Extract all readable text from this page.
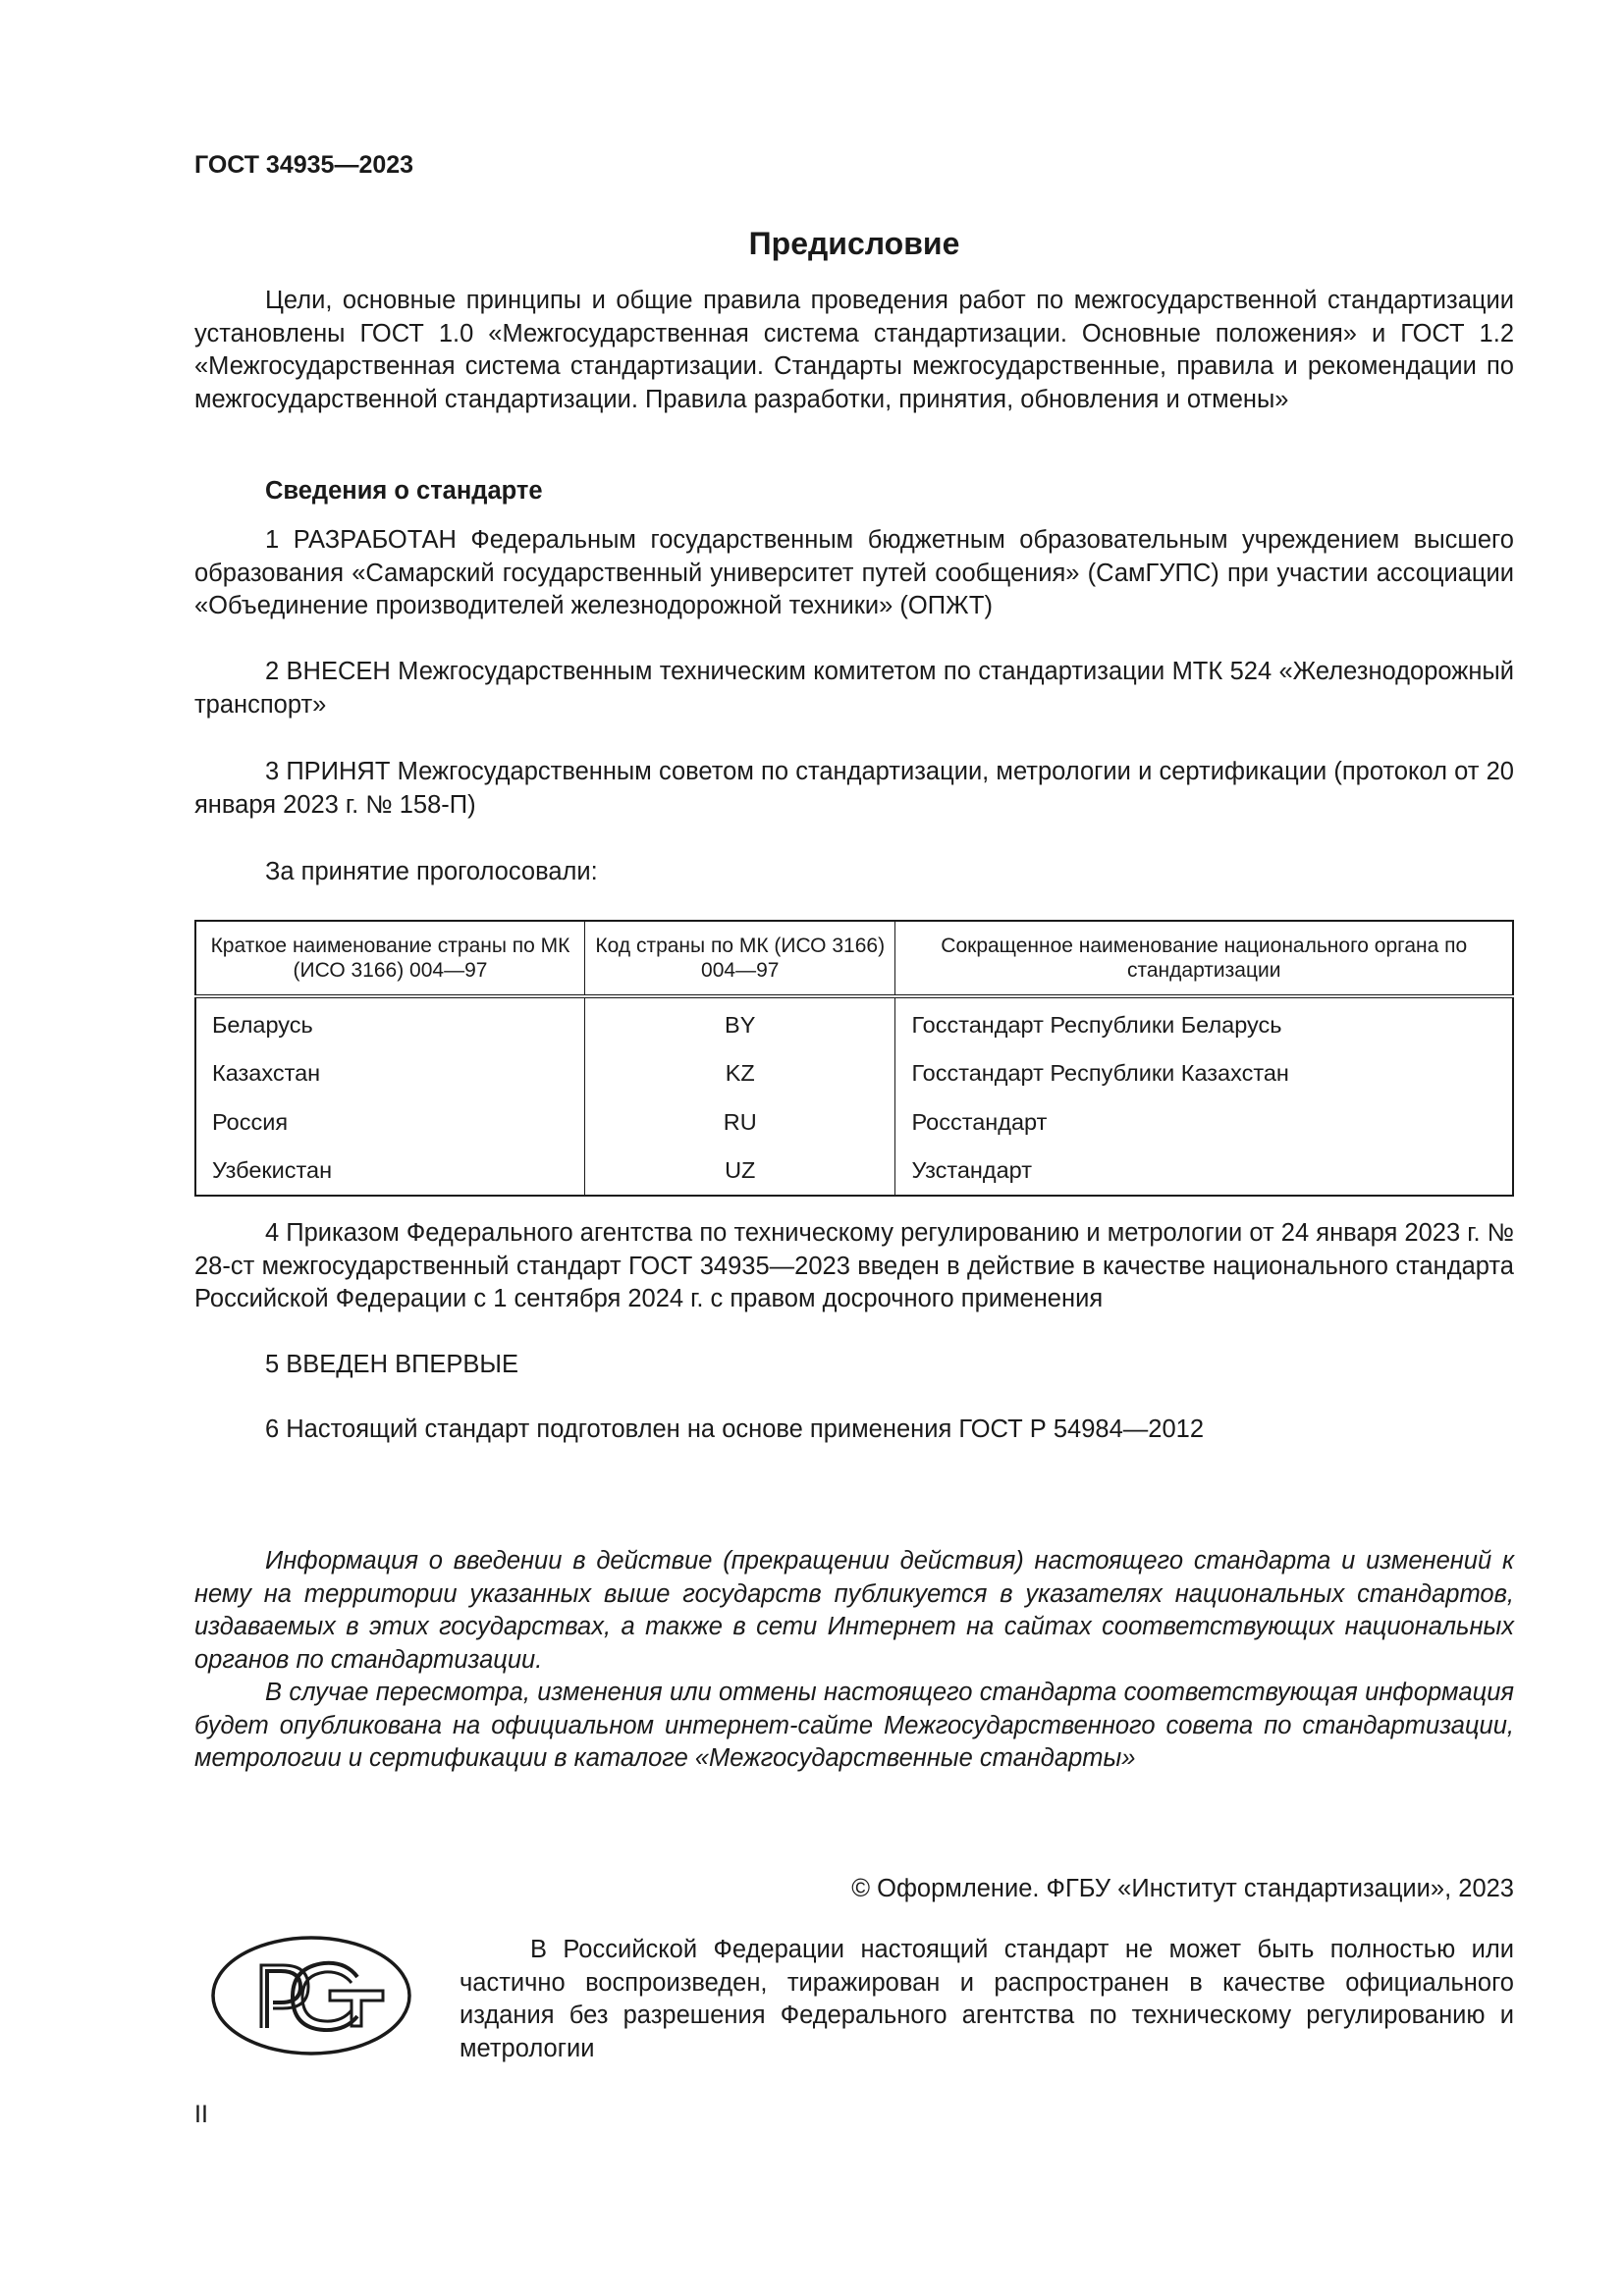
ГОСТ 34935—2023
Предисловие

Цели, основные принципы и общие правила проведения работ по межгосударственной стандартизации установлены ГОСТ 1.0 «Межгосударственная система стандартизации. Основные положения» и ГОСТ 1.2 «Межгосударственная система стандартизации. Стандарты межгосударственные, правила и рекомендации по межгосударственной стандартизации. Правила разработки, принятия, обновления и отмены»

Сведения о стандарте

1 РАЗРАБОТАН Федеральным государственным бюджетным образовательным учреждением высшего образования «Самарский государственный университет путей сообщения» (СамГУПС) при участии ассоциации «Объединение производителей железнодорожной техники» (ОПЖТ)

2 ВНЕСЕН Межгосударственным техническим комитетом по стандартизации МТК 524 «Железнодорожный транспорт»

3 ПРИНЯТ Межгосударственным советом по стандартизации, метрологии и сертификации (протокол от 20 января 2023 г. № 158-П)

За принятие проголосовали:
Краткое наименование страны по МК (ИСО 3166) 004—97	Код страны по МК (ИСО 3166) 004—97	Сокращенное наименование национального органа по стандартизации
Беларусь	BY	Госстандарт Республики Беларусь
Казахстан	KZ	Госстандарт Республики Казахстан
Россия	RU	Росстандарт
Узбекистан	UZ	Узстандарт

4 Приказом Федерального агентства по техническому регулированию и метрологии от 24 января 2023 г. № 28-ст межгосударственный стандарт ГОСТ 34935—2023 введен в действие в качестве национального стандарта Российской Федерации с 1 сентября 2024 г. с правом досрочного применения

5 ВВЕДЕН ВПЕРВЫЕ
6 Настоящий стандарт подготовлен на основе применения ГОСТ Р 54984—2012

Информация о введении в действие (прекращении действия) настоящего стандарта и изменений к нему на территории указанных выше государств публикуется в указателях национальных стандартов, издаваемых в этих государствах, а также в сети Интернет на сайтах соответствующих национальных органов по стандартизации.

В случае пересмотра, изменения или отмены настоящего стандарта соответствующая информация будет опубликована на официальном интернет-сайте Межгосударственного совета по стандартизации, метрологии и сертификации в каталоге «Межгосударственные стандарты»

© Оформление. ФГБУ «Институт стандартизации», 2023

В Российской Федерации настоящий стандарт не может быть полностью или частично воспроизведен, тиражирован и распространен в качестве официального издания без разрешения Федерального агентства по техническому регулированию и метрологии

II
